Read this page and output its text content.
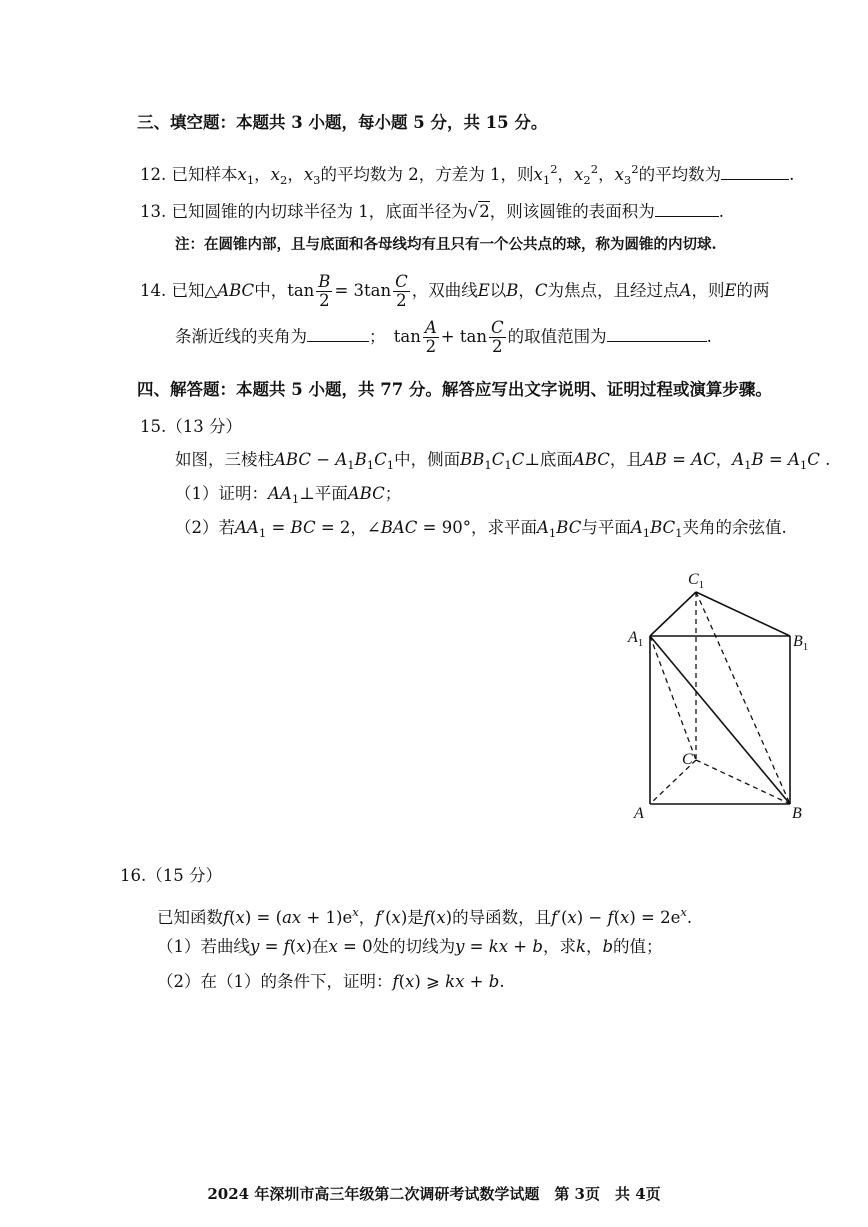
三、填空题：本题共 3 小题，每小题 5 分，共 15 分。
12. 已知样本$x_1$，$x_2$，$x_3$的平均数为 2，方差为 1，则$x_1^2$，$x_2^2$，$x_3^2$的平均数为	.
13. 已知圆锥的内切球半径为 1，底面半径为√2，则该圆锥的表面积为	.
注：在圆锥内部，且与底面和各母线均有且只有一个公共点的球，称为圆锥的内切球.
14. 已知△ABC中，$\tan \frac{B}{2} = 3\tan \frac{C}{2}$ ，双曲线E以B，C为焦点，且经过点A，则E的两
条渐近线的夹角为	；　$\tan \frac{A}{2} + \tan \frac{C}{2}$ 的取值范围为	.
四、解答题：本题共 5 小题，共 77 分。解答应写出文字说明、证明过程或演算步骤。
15.（13 分）
如图，三棱柱ABC − $A_1B_1C_1$中，侧面$BB_1C_1C\perp$底面ABC，且AB = AC，$A_1B = A_1C$ .
（1）证明：$AA_1\perp$平面ABC；
（2）若$AA_1$ = BC = 2，∠BAC = 90°，求平面$A_1BC$与平面$A_1BC_1$夹角的余弦值.
$C_1$
$A_1$	$B_1$
C
A	B
16.（15 分）
已知函数$f(x) = (ax + 1)e^x$，f′(x)是f(x)的导函数，且$f'(x) - f(x) = 2e^x$.
（1）若曲线y = f(x)在x = 0处的切线为y = kx + b，求k，b的值；
（2）在（1）的条件下，证明：f(x) ⩾ kx + b.
2024 年深圳市高三年级第二次调研考试数学试题　第 3页　共 4页
